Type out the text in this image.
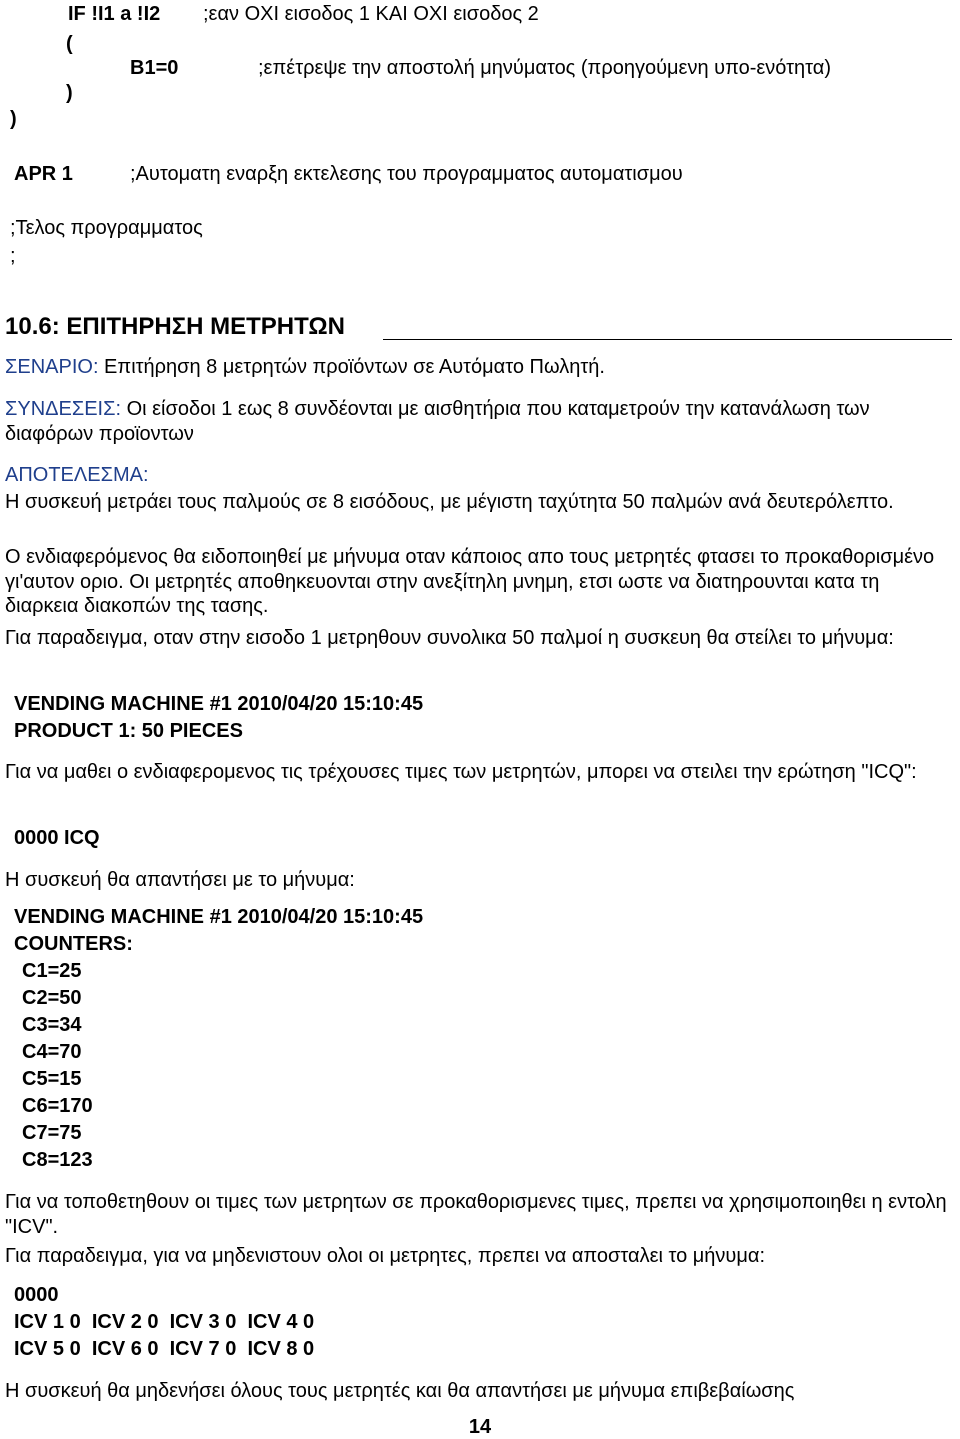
IF !I1 a !I2 ;εαν ΟΧΙ εισοδος 1 ΚΑΙ ΟΧΙ εισοδος 2
(
B1=0	;επέτρεψε την αποστολή μηνύματος (προηγούμενη υπο-ενότητα)
)
)
APR 1	;Αυτοματη εναρξη εκτελεσης του προγραμματος αυτοματισμου
;Τελος προγραμματος
;
10.6: ΕΠΙΤΗΡΗΣΗ ΜΕΤΡΗΤΩΝ
ΣΕΝΑΡΙΟ: Επιτήρηση 8 μετρητών προϊόντων σε Αυτόματο Πωλητή.
ΣΥΝΔΕΣΕΙΣ: Οι είσοδοι 1 εως 8 συνδέονται με αισθητήρια που καταμετρούν την κατανάλωση των διαφόρων προϊοντων
ΑΠΟΤΕΛΕΣΜΑ:
Η συσκευή μετράει τους παλμούς σε 8 εισόδους, με μέγιστη ταχύτητα 50 παλμών ανά δευτερόλεπτο.
Ο ενδιαφερόμενος θα ειδοποιηθεί με μήνυμα οταν κάποιος απο τους μετρητές φτασει το προκαθορισμένο γι'αυτον οριο. Οι μετρητές αποθηκευονται στην ανεξίτηλη μνημη, ετσι ωστε να διατηρουνται κατα τη διαρκεια διακοπών της τασης.
Για παραδειγμα, οταν στην εισοδο 1 μετρηθουν συνολικα 50 παλμοί η συσκευη θα στείλει το μήνυμα:
VENDING MACHINE #1 2010/04/20 15:10:45
PRODUCT 1: 50 PIECES
Για να μαθει ο ενδιαφερομενος τις τρέχουσες τιμες των μετρητών, μπορει να στειλει την ερώτηση "ICQ":
0000 ICQ
Η συσκευή θα απαντήσει με το μήνυμα:
VENDING MACHINE #1 2010/04/20 15:10:45
COUNTERS:
C1=25
C2=50
C3=34
C4=70
C5=15
C6=170
C7=75
C8=123
Για να τοποθετηθουν οι τιμες των μετρητων σε προκαθορισμενες τιμες, πρεπει να χρησιμοποιηθει η εντολη "ICV".
Για παραδειγμα, για να μηδενιστουν ολοι οι μετρητες, πρεπει να αποσταλει το μήνυμα:
0000
ICV 1 0  ICV 2 0  ICV 3 0  ICV 4 0
ICV 5 0  ICV 6 0  ICV 7 0  ICV 8 0
Η συσκευή θα μηδενήσει όλους τους μετρητές και θα απαντήσει με μήνυμα επιβεβαίωσης
14
